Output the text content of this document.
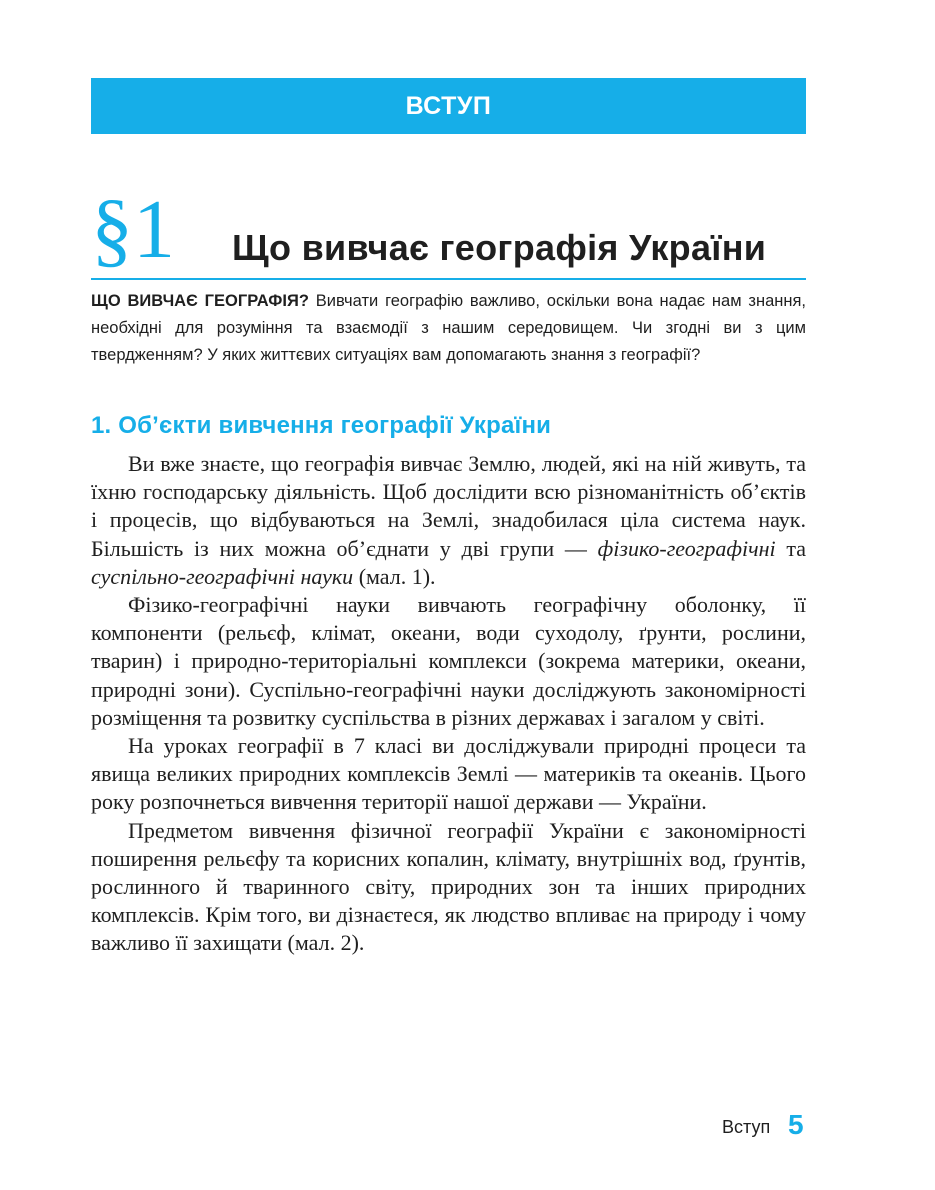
ВСТУП
§1 Що вивчає географія України
ЩО ВИВЧАЄ ГЕОГРАФІЯ? Вивчати географію важливо, оскільки вона надає нам знання, необхідні для розуміння та взаємодії з нашим середовищем. Чи згодні ви з цим твердженням? У яких життєвих ситуаціях вам допомагають знання з географії?
1. Об’єкти вивчення географії України

Ви вже знаєте, що географія вивчає Землю, людей, які на ній живуть, та їхню господарську діяльність. Щоб дослідити всю різноманітність об’єктів і процесів, що відбуваються на Землі, знадобилася ціла система наук. Більшість із них можна об’єднати у дві групи — фізико-географічні та суспільно-географічні науки (мал. 1).

Фізико-географічні науки вивчають географічну оболонку, її компоненти (рельєф, клімат, океани, води суходолу, ґрунти, рослини, тварин) і природно-територіальні комплекси (зокрема материки, океани, природні зони). Суспільно-географічні науки досліджують закономірності розміщення та розвитку суспільства в різних державах і загалом у світі.

На уроках географії в 7 класі ви досліджували природні процеси та явища великих природних комплексів Землі — материків та океанів. Цього року розпочнеться вивчення території нашої держави — України.

Предметом вивчення фізичної географії України є закономірності поширення рельєфу та корисних копалин, клімату, внутрішніх вод, ґрунтів, рослинного й тваринного світу, природних зон та інших природних комплексів. Крім того, ви дізнаєтеся, як людство впливає на природу і чому важливо її захищати (мал. 2).

Вступ 5
